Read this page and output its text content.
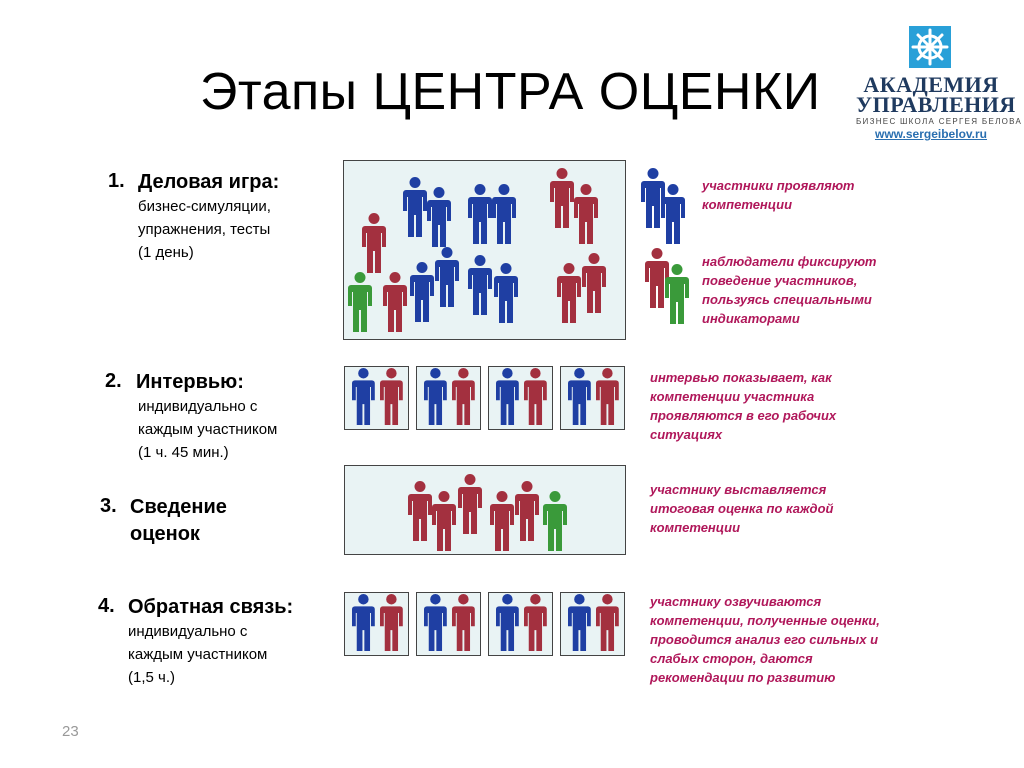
Этапы ЦЕНТРА ОЦЕНКИ	АКАДЕМИЯ
УПРАВЛЕНИЯ
БИЗНЕС ШКОЛА СЕРГЕЯ БЕЛОВА
www.sergeibelov.ru
1. Деловая игра:
бизнес-симуляции,
упражнения, тесты
(1 день)
2. Интервью:
индивидуально с
каждым участником
(1 ч. 45 мин.)
3. Сведение
оценок
4. Обратная связь:
индивидуально с
каждым участником
(1,5 ч.)
участники проявляют
компетенции
наблюдатели фиксируют
поведение участников,
пользуясь специальными
индикаторами
интервью показывает, как
компетенции участника
проявляются в его рабочих
ситуациях
участнику выставляется
итоговая оценка по каждой
компетенции
участнику озвучиваются
компетенции, полученные оценки,
проводится анализ его сильных и
слабых сторон, даются
рекомендации по развитию
23
